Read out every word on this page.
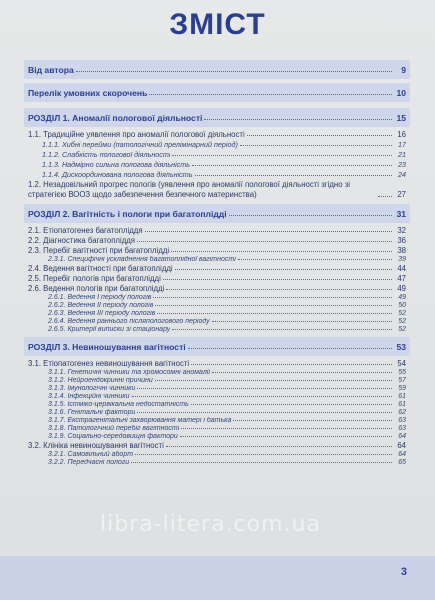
ЗМІСТ
Від автора	9
Перелік умовних скорочень	10
РОЗДІЛ 1. Аномалії пологової діяльності	15
1.1. Традиційне уявлення про аномалії пологової діяльності	16
1.1.1. Хибні перейми (патологічний прелімінарний період)	17
1.1.2. Слабкість пологової діяльності	21
1.1.3. Надмірно сильна пологова діяльність	23
1.1.4. Дискоординована пологова діяльність	24
1.2. Незадовільний прогрес пологів (уявлення про аномалії пологової діяльності згідно зі стратегією ВООЗ щодо забезпечення безпечного материнства)	27
РОЗДІЛ 2. Вагітність і пологи при багатоплідді	31
2.1. Етіопатогенез багатопліддя	32
2.2. Діагностика багатопліддя	36
2.3. Перебіг вагітності при багатоплідді	38
2.3.1. Специфічні ускладнення багатоплідної вагітності	39
2.4. Ведення вагітності при багатоплідді	44
2.5. Перебіг пологів при багатоплідді	47
2.6. Ведення пологів при багатоплідді	49
2.6.1. Ведення І періоду пологів	49
2.6.2. Ведення ІІ періоду пологів	50
2.6.3. Ведення ІІІ періоду пологів	52
2.6.4. Ведення раннього післяпологового періоду	52
2.6.5. Критерії виписки зі стаціонару	52
РОЗДІЛ 3. Невиношування вагітності	53
3.1. Етіопатогенез невиношування вагітності	54
3.1.1. Генетичні чинники та хромосомні аномалії	55
3.1.2. Нейроендокринні причини	57
3.1.3. Імунологічні чинники	59
3.1.4. Інфекційні чинники	61
3.1.5. Істміко-цервікальна недостатність	61
3.1.6. Генітальні фактори	62
3.1.7. Екстрагенітальні захворювання матері і батька	63
3.1.8. Патологічний перебіг вагітності	63
3.1.9. Соціально-середовищні фактори	64
3.2. Клініка невиношування вагітності	64
3.2.1. Самовільний аборт	64
3.2.2. Передчасні пологи	65
libra-litera.com.ua
3
